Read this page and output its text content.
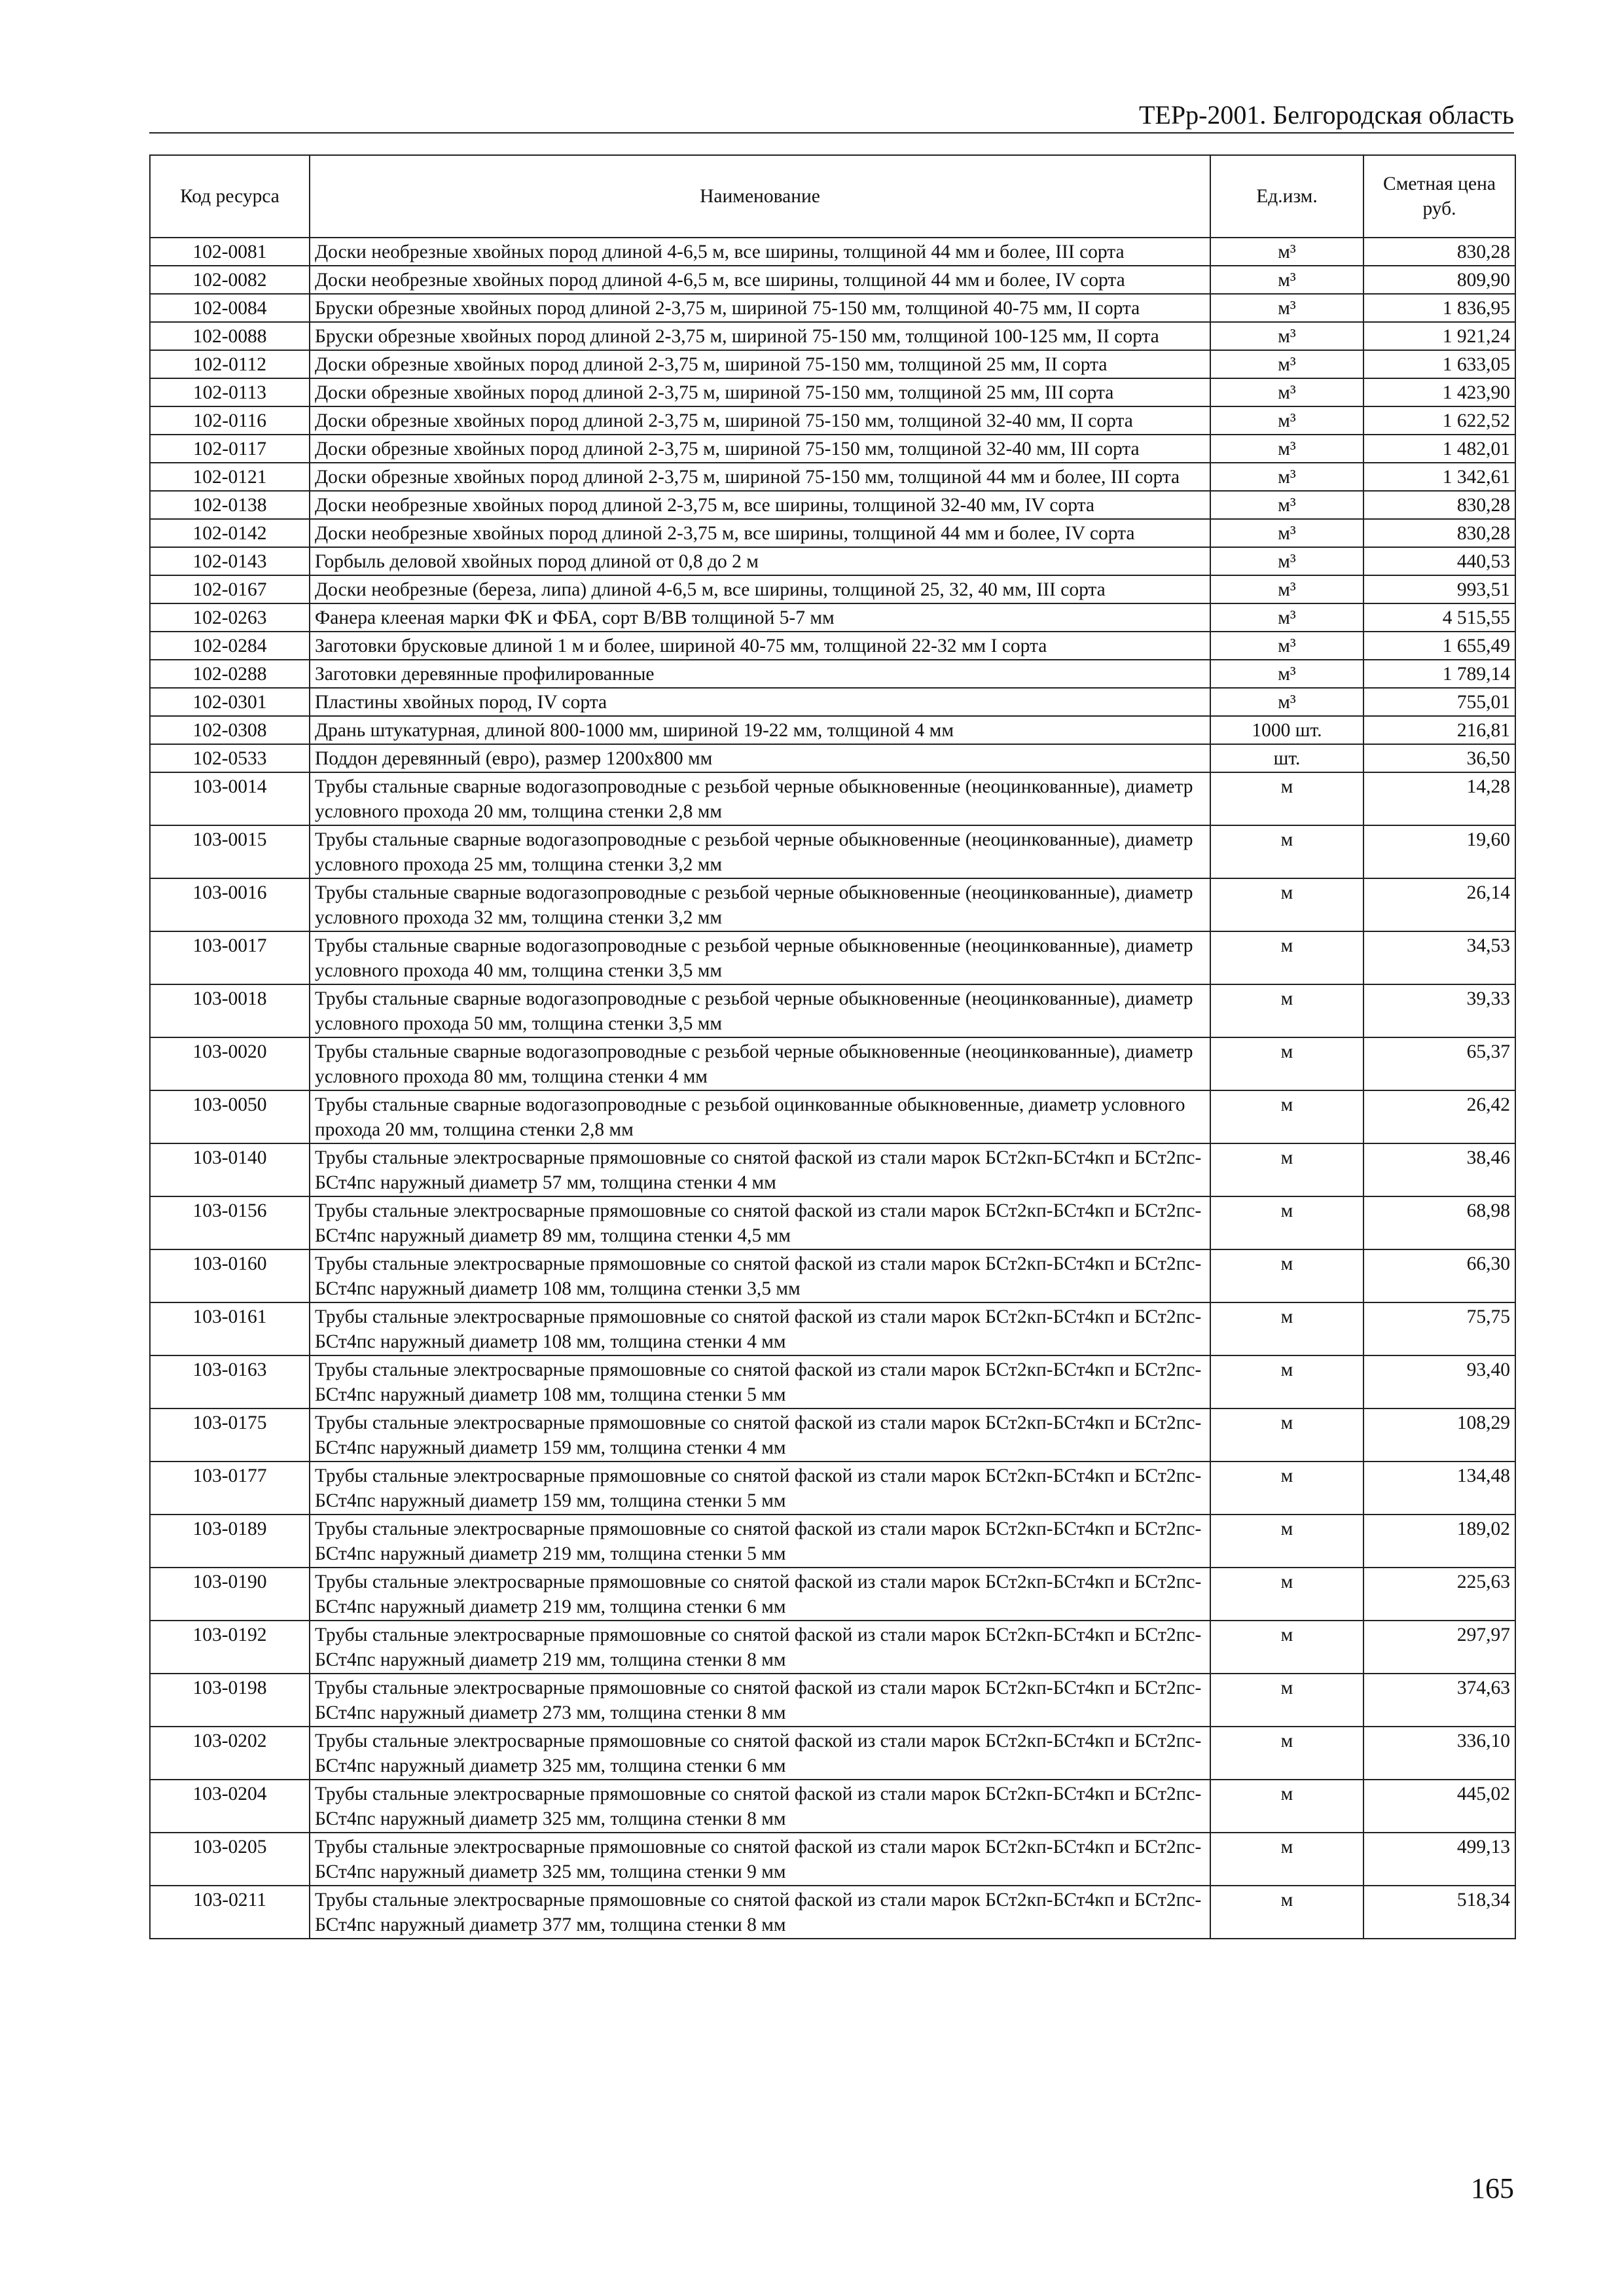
ТЕРр-2001. Белгородская область
Код ресурса	Наименование	Ед.изм.	Сметная цена руб.
102-0081	Доски необрезные хвойных пород длиной 4-6,5 м, все ширины, толщиной 44 мм и более, III сорта	м³	830,28
102-0082	Доски необрезные хвойных пород длиной 4-6,5 м, все ширины, толщиной 44 мм и более, IV сорта	м³	809,90
102-0084	Бруски обрезные хвойных пород длиной 2-3,75 м, шириной 75-150 мм, толщиной 40-75 мм, II сорта	м³	1 836,95
102-0088	Бруски обрезные хвойных пород длиной 2-3,75 м, шириной 75-150 мм, толщиной 100-125 мм, II сорта	м³	1 921,24
102-0112	Доски обрезные хвойных пород длиной 2-3,75 м, шириной 75-150 мм, толщиной 25 мм, II сорта	м³	1 633,05
102-0113	Доски обрезные хвойных пород длиной 2-3,75 м, шириной 75-150 мм, толщиной 25 мм, III сорта	м³	1 423,90
102-0116	Доски обрезные хвойных пород длиной 2-3,75 м, шириной 75-150 мм, толщиной 32-40 мм, II сорта	м³	1 622,52
102-0117	Доски обрезные хвойных пород длиной 2-3,75 м, шириной 75-150 мм, толщиной 32-40 мм, III сорта	м³	1 482,01
102-0121	Доски обрезные хвойных пород длиной 2-3,75 м, шириной 75-150 мм, толщиной 44 мм и более, III сорта	м³	1 342,61
102-0138	Доски необрезные хвойных пород длиной 2-3,75 м, все ширины, толщиной 32-40 мм, IV сорта	м³	830,28
102-0142	Доски необрезные хвойных пород длиной 2-3,75 м, все ширины, толщиной 44 мм и более, IV сорта	м³	830,28
102-0143	Горбыль деловой хвойных пород длиной от 0,8 до 2 м	м³	440,53
102-0167	Доски необрезные (береза, липа) длиной 4-6,5 м, все ширины, толщиной 25, 32, 40 мм, III сорта	м³	993,51
102-0263	Фанера клееная марки ФК и ФБА, сорт В/ВВ толщиной 5-7 мм	м³	4 515,55
102-0284	Заготовки брусковые длиной 1 м и более, шириной 40-75 мм, толщиной 22-32 мм I сорта	м³	1 655,49
102-0288	Заготовки деревянные профилированные	м³	1 789,14
102-0301	Пластины хвойных пород, IV сорта	м³	755,01
102-0308	Дрань штукатурная, длиной 800-1000 мм, шириной 19-22 мм, толщиной 4 мм	1000 шт.	216,81
102-0533	Поддон деревянный (евро), размер 1200х800 мм	шт.	36,50
103-0014	Трубы стальные сварные водогазопроводные с резьбой черные обыкновенные (неоцинкованные), диаметр условного прохода 20 мм, толщина стенки 2,8 мм	м	14,28
103-0015	Трубы стальные сварные водогазопроводные с резьбой черные обыкновенные (неоцинкованные), диаметр условного прохода 25 мм, толщина стенки 3,2 мм	м	19,60
103-0016	Трубы стальные сварные водогазопроводные с резьбой черные обыкновенные (неоцинкованные), диаметр условного прохода 32 мм, толщина стенки 3,2 мм	м	26,14
103-0017	Трубы стальные сварные водогазопроводные с резьбой черные обыкновенные (неоцинкованные), диаметр условного прохода 40 мм, толщина стенки 3,5 мм	м	34,53
103-0018	Трубы стальные сварные водогазопроводные с резьбой черные обыкновенные (неоцинкованные), диаметр условного прохода 50 мм, толщина стенки 3,5 мм	м	39,33
103-0020	Трубы стальные сварные водогазопроводные с резьбой черные обыкновенные (неоцинкованные), диаметр условного прохода 80 мм, толщина стенки 4 мм	м	65,37
103-0050	Трубы стальные сварные водогазопроводные с резьбой оцинкованные обыкновенные, диаметр условного прохода 20 мм, толщина стенки 2,8 мм	м	26,42
103-0140	Трубы стальные электросварные прямошовные со снятой фаской из стали марок БСт2кп-БСт4кп и БСт2пс-БСт4пс наружный диаметр 57 мм, толщина стенки 4 мм	м	38,46
103-0156	Трубы стальные электросварные прямошовные со снятой фаской из стали марок БСт2кп-БСт4кп и БСт2пс-БСт4пс наружный диаметр 89 мм, толщина стенки 4,5 мм	м	68,98
103-0160	Трубы стальные электросварные прямошовные со снятой фаской из стали марок БСт2кп-БСт4кп и БСт2пс-БСт4пс наружный диаметр 108 мм, толщина стенки 3,5 мм	м	66,30
103-0161	Трубы стальные электросварные прямошовные со снятой фаской из стали марок БСт2кп-БСт4кп и БСт2пс-БСт4пс наружный диаметр 108 мм, толщина стенки 4 мм	м	75,75
103-0163	Трубы стальные электросварные прямошовные со снятой фаской из стали марок БСт2кп-БСт4кп и БСт2пс-БСт4пс наружный диаметр 108 мм, толщина стенки 5 мм	м	93,40
103-0175	Трубы стальные электросварные прямошовные со снятой фаской из стали марок БСт2кп-БСт4кп и БСт2пс-БСт4пс наружный диаметр 159 мм, толщина стенки 4 мм	м	108,29
103-0177	Трубы стальные электросварные прямошовные со снятой фаской из стали марок БСт2кп-БСт4кп и БСт2пс-БСт4пс наружный диаметр 159 мм, толщина стенки 5 мм	м	134,48
103-0189	Трубы стальные электросварные прямошовные со снятой фаской из стали марок БСт2кп-БСт4кп и БСт2пс-БСт4пс наружный диаметр 219 мм, толщина стенки 5 мм	м	189,02
103-0190	Трубы стальные электросварные прямошовные со снятой фаской из стали марок БСт2кп-БСт4кп и БСт2пс-БСт4пс наружный диаметр 219 мм, толщина стенки 6 мм	м	225,63
103-0192	Трубы стальные электросварные прямошовные со снятой фаской из стали марок БСт2кп-БСт4кп и БСт2пс-БСт4пс наружный диаметр 219 мм, толщина стенки 8 мм	м	297,97
103-0198	Трубы стальные электросварные прямошовные со снятой фаской из стали марок БСт2кп-БСт4кп и БСт2пс-БСт4пс наружный диаметр 273 мм, толщина стенки 8 мм	м	374,63
103-0202	Трубы стальные электросварные прямошовные со снятой фаской из стали марок БСт2кп-БСт4кп и БСт2пс-БСт4пс наружный диаметр 325 мм, толщина стенки 6 мм	м	336,10
103-0204	Трубы стальные электросварные прямошовные со снятой фаской из стали марок БСт2кп-БСт4кп и БСт2пс-БСт4пс наружный диаметр 325 мм, толщина стенки 8 мм	м	445,02
103-0205	Трубы стальные электросварные прямошовные со снятой фаской из стали марок БСт2кп-БСт4кп и БСт2пс-БСт4пс наружный диаметр 325 мм, толщина стенки 9 мм	м	499,13
103-0211	Трубы стальные электросварные прямошовные со снятой фаской из стали марок БСт2кп-БСт4кп и БСт2пс-БСт4пс наружный диаметр 377 мм, толщина стенки 8 мм	м	518,34
165
